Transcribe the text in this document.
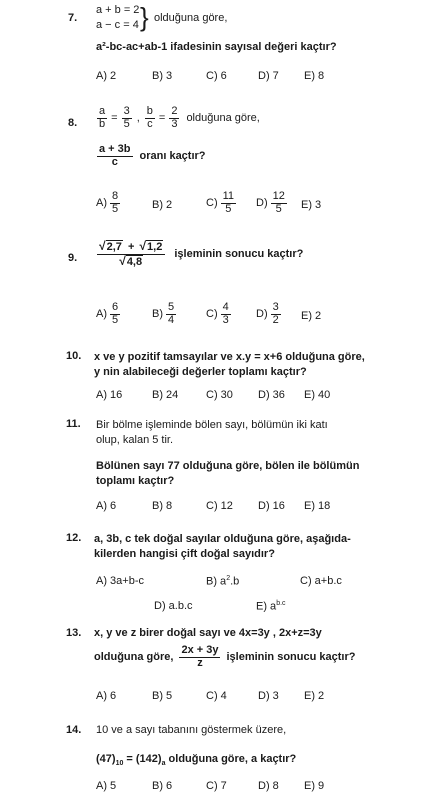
7.
a + b = 2
a − c = 4 } olduğuna göre,
a²-bc-ac+ab-1 ifadesinin sayısal değeri kaçtır?
A) 2	B) 3	C) 6	D) 7 E) 8
8. $\frac{a}{b} = \frac{3}{5}$ , $\frac{b}{c} = \frac{2}{3}$ olduğuna göre,
$\frac{a + 3b}{c}$ oranı kaçtır?
$A) \frac{8}{5}$	B) 2	$C) \frac{11}{5} D) \frac{12}{5} E$) 3
9. $\frac{√2,7 + √1,2}{√4,8}$ işleminin sonucu kaçtır?
$A) \frac{6}{5}$	$B) \frac{5}{4}$	$C) \frac{4}{3} D) \frac{3}{2} E$) 2
10. x ve y pozitif tamsayılar ve x.y = x+6 olduğuna göre,
y nin alabileceği değerler toplamı kaçtır?
A) 16	B) 24	C) 30 D) 36 E) 40
11. Bir bölme işleminde bölen sayı, bölümün iki katı
olup, kalan 5 tir.
Bölünen sayı 77 olduğuna göre, bölen ile bölümün
toplamı kaçtır?
A) 6	B) 8	C) 12 D) 16 E) 18
12. a, 3b, c tek doğal sayılar olduğuna göre, aşağıda-
kilerden hangisi çift doğal sayıdır?
A) 3a+b-c	B) $a^2.b$	C) a+b.c
D) a.b.c	E) $a^{b.c}$
13. x, y ve z birer doğal sayı ve 4x=3y , 2x+z=3y
olduğuna göre, $\frac{2x + 3y}{z}$ işleminin sonucu kaçtır?
A) 6	B) 5	C) 4	D) 3 E) 2
14. 10 ve a sayı tabanını göstermek üzere,
$(47)_{10} = (142)_a$ olduğuna göre, a kaçtır?
A) 5	B) 6	C) 7	D) 8 E) 9
